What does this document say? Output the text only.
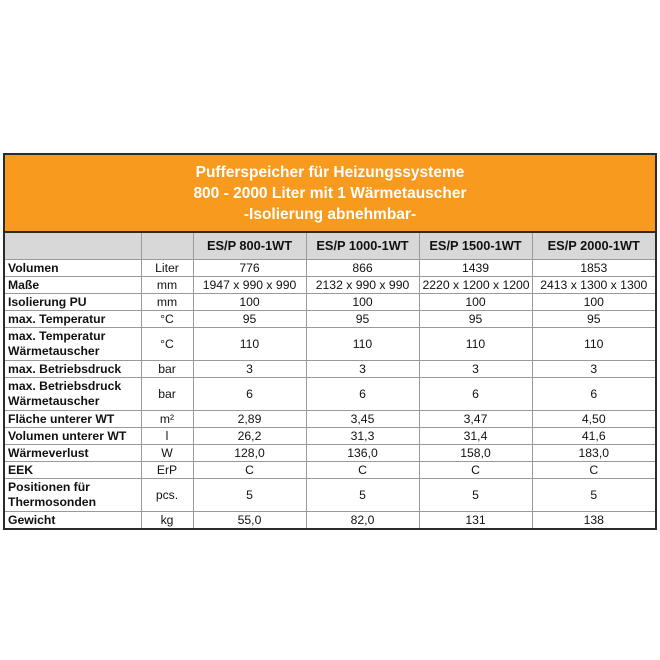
Pufferspeicher für Heizungssysteme
800 - 2000 Liter mit 1 Wärmetauscher
-Isolierung abnehmbar-
		ES/P 800-1WT	ES/P 1000-1WT	ES/P 1500-1WT	ES/P 2000-1WT
Volumen	Liter	776	866	1439	1853
Maße	mm	1947 x 990 x 990	2132 x 990 x 990	2220 x 1200 x 1200	2413 x 1300 x 1300
Isolierung PU	mm	100	100	100	100
max. Temperatur	°C	95	95	95	95
max. Temperatur Wärmetauscher	°C	110	110	110	110
max. Betriebsdruck	bar	3	3	3	3
max. Betriebsdruck Wärmetauscher	bar	6	6	6	6
Fläche unterer WT	m²	2,89	3,45	3,47	4,50
Volumen unterer WT	l	26,2	31,3	31,4	41,6
Wärmeverlust	W	128,0	136,0	158,0	183,0
EEK	ErP	C	C	C	C
Positionen für Thermosonden	pcs.	5	5	5	5
Gewicht	kg	55,0	82,0	131	138
